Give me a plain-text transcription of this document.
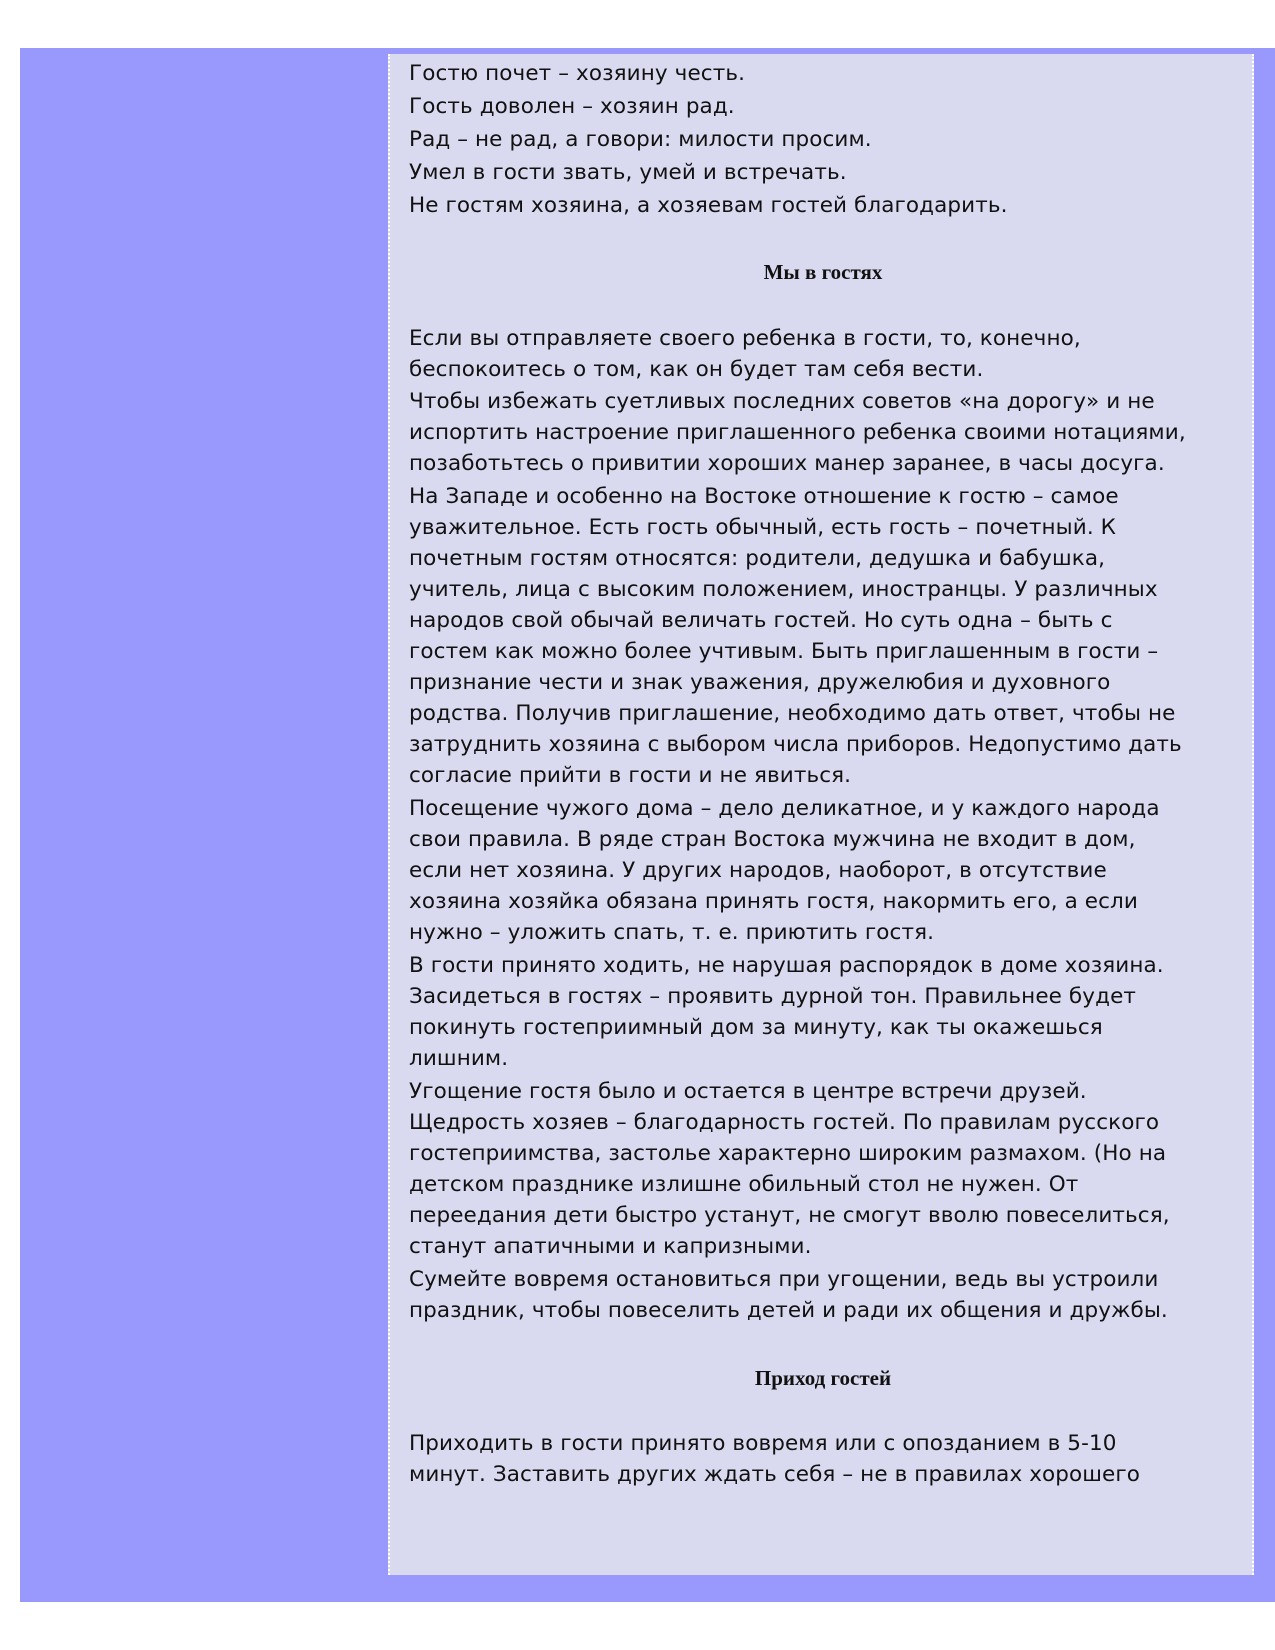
Гостю почет – хозяину честь.
Гость доволен – хозяин рад.
Рад – не рад, а говори: милости просим.
Умел в гости звать, умей и встречать.
Не гостям хозяина, а хозяевам гостей благодарить.
Мы в гостях
Если вы отправляете своего ребенка в гости, то, конечно,
беспокоитесь о том, как он будет там себя вести.
Чтобы избежать суетливых последних советов «на дорогу» и не
испортить настроение приглашенного ребенка своими нотациями,
позаботьтесь о привитии хороших манер заранее, в часы досуга.
На Западе и особенно на Востоке отношение к гостю – самое
уважительное. Есть гость обычный, есть гость – почетный. К
почетным гостям относятся: родители, дедушка и бабушка,
учитель, лица с высоким положением, иностранцы. У различных
народов свой обычай величать гостей. Но суть одна – быть с
гостем как можно более учтивым. Быть приглашенным в гости –
признание чести и знак уважения, дружелюбия и духовного
родства. Получив приглашение, необходимо дать ответ, чтобы не
затруднить хозяина с выбором числа приборов. Недопустимо дать
согласие прийти в гости и не явиться.
Посещение чужого дома – дело деликатное, и у каждого народа
свои правила. В ряде стран Востока мужчина не входит в дом,
если нет хозяина. У других народов, наоборот, в отсутствие
хозяина хозяйка обязана принять гостя, накормить его, а если
нужно – уложить спать, т. е. приютить гостя.
В гости принято ходить, не нарушая распорядок в доме хозяина.
Засидеться в гостях – проявить дурной тон. Правильнее будет
покинуть гостеприимный дом за минуту, как ты окажешься
лишним.
Угощение гостя было и остается в центре встречи друзей.
Щедрость хозяев – благодарность гостей. По правилам русского
гостеприимства, застолье характерно широким размахом. (Но на
детском празднике излишне обильный стол не нужен. От
переедания дети быстро устанут, не смогут вволю повеселиться,
станут апатичными и капризными.
Сумейте вовремя остановиться при угощении, ведь вы устроили
праздник, чтобы повеселить детей и ради их общения и дружбы.
Приход гостей
Приходить в гости принято вовремя или с опозданием в 5-10
минут. Заставить других ждать себя – не в правилах хорошего
